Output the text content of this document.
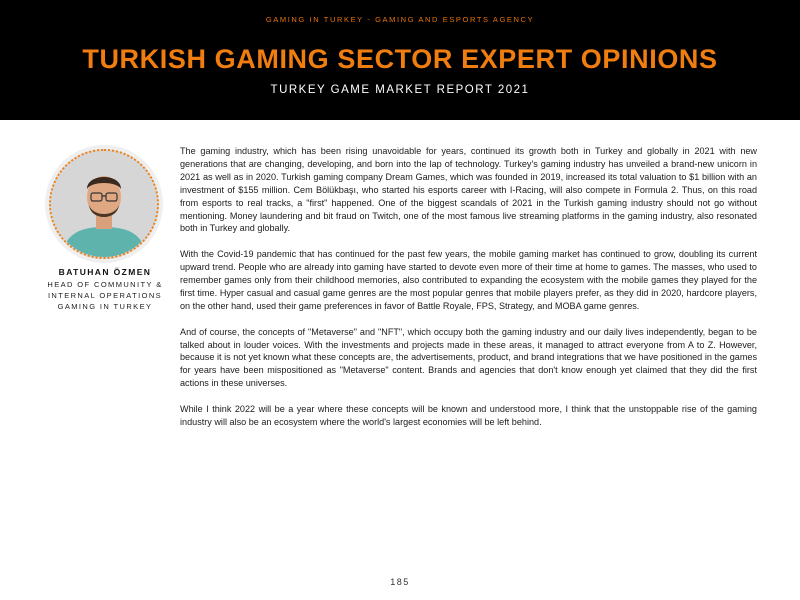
GAMING IN TURKEY - GAMING AND ESPORTS AGENCY
TURKISH GAMING SECTOR EXPERT OPINIONS
TURKEY GAME MARKET REPORT 2021
BATUHAN ÖZMEN
HEAD OF COMMUNITY & INTERNAL OPERATIONS GAMING IN TURKEY

The gaming industry, which has been rising unavoidable for years, continued its growth both in Turkey and globally in 2021 with new generations that are changing, developing, and born into the lap of technology. Turkey's gaming industry has unveiled a brand-new unicorn in 2021 as well as in 2020. Turkish gaming company Dream Games, which was founded in 2019, increased its total valuation to $1 billion with an investment of $155 million. Cem Bölükbaşı, who started his esports career with I-Racing, will also compete in Formula 2. Thus, on this road from esports to real tracks, a "first" happened. One of the biggest scandals of 2021 in the Turkish gaming industry should not go without mentioning. Money laundering and bit fraud on Twitch, one of the most famous live streaming platforms in the gaming industry, also resonated both in Turkey and globally.

With the Covid-19 pandemic that has continued for the past few years, the mobile gaming market has continued to grow, doubling its current upward trend. People who are already into gaming have started to devote even more of their time at home to games. The masses, who used to remember games only from their childhood memories, also contributed to expanding the ecosystem with the mobile games they played for the first time. Hyper casual and casual game genres are the most popular genres that mobile players prefer, as they did in 2020, hardcore players, on the other hand, used their game preferences in favor of Battle Royale, FPS, Strategy, and MOBA game genres.

And of course, the concepts of "Metaverse" and "NFT", which occupy both the gaming industry and our daily lives independently, began to be talked about in louder voices. With the investments and projects made in these areas, it managed to attract everyone from A to Z. However, because it is not yet known what these concepts are, the advertisements, product, and brand integrations that we have positioned in the games for years have been mispositioned as "Metaverse" content. Brands and agencies that don't know enough yet claimed that they did the first actions in these universes.

While I think 2022 will be a year where these concepts will be known and understood more, I think that the unstoppable rise of the gaming industry will also be an ecosystem where the world's largest economies will be left behind.

185
